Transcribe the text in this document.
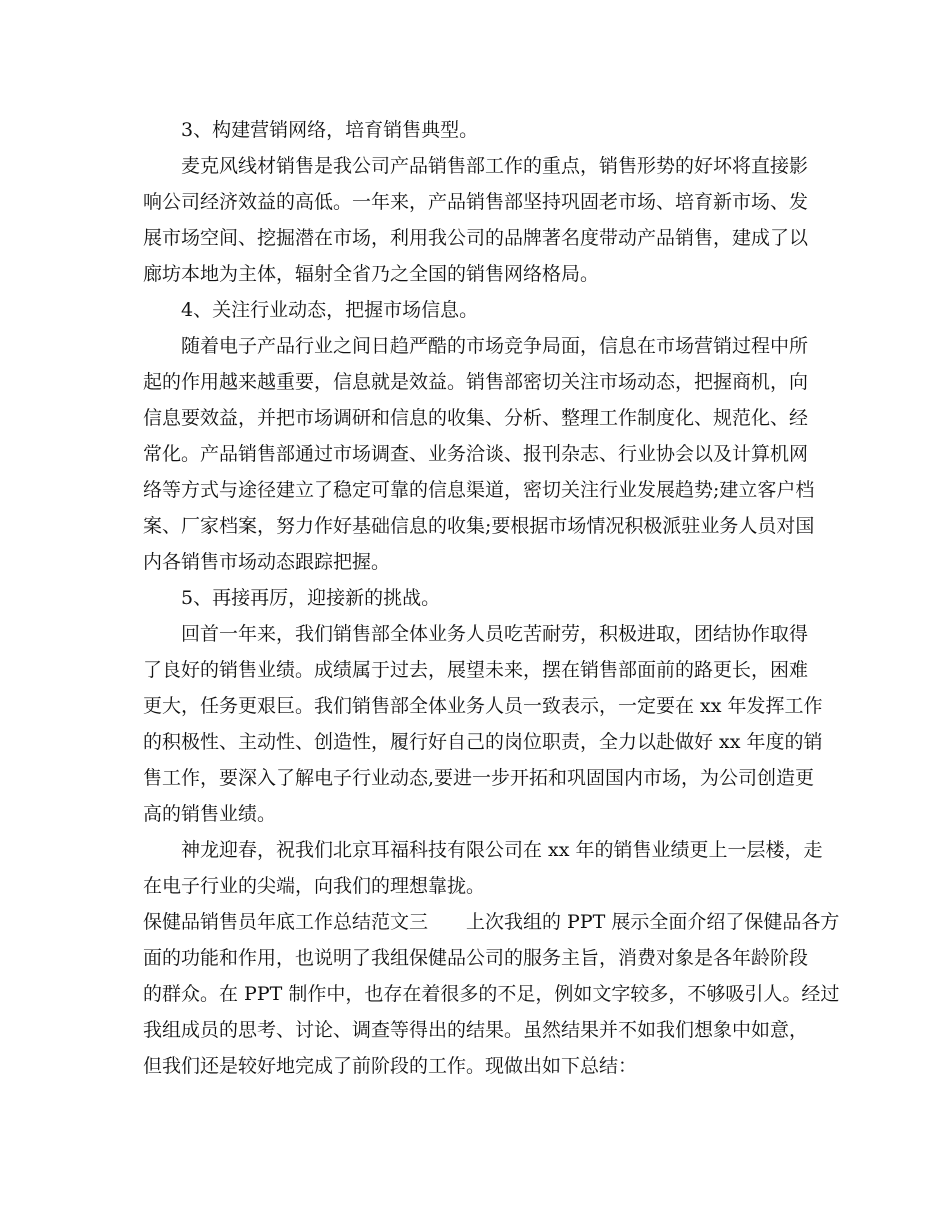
3、构建营销网络，培育销售典型。
麦克风线材销售是我公司产品销售部工作的重点，销售形势的好坏将直接影
响公司经济效益的高低。一年来，产品销售部坚持巩固老市场、培育新市场、发
展市场空间、挖掘潜在市场，利用我公司的品牌著名度带动产品销售，建成了以
廊坊本地为主体，辐射全省乃之全国的销售网络格局。
4、关注行业动态，把握市场信息。
随着电子产品行业之间日趋严酷的市场竞争局面，信息在市场营销过程中所
起的作用越来越重要，信息就是效益。销售部密切关注市场动态，把握商机，向
信息要效益，并把市场调研和信息的收集、分析、整理工作制度化、规范化、经
常化。产品销售部通过市场调查、业务洽谈、报刊杂志、行业协会以及计算机网
络等方式与途径建立了稳定可靠的信息渠道，密切关注行业发展趋势;建立客户档
案、厂家档案，努力作好基础信息的收集;要根据市场情况积极派驻业务人员对国
内各销售市场动态跟踪把握。
5、再接再厉，迎接新的挑战。
回首一年来，我们销售部全体业务人员吃苦耐劳，积极进取，团结协作取得
了良好的销售业绩。成绩属于过去，展望未来，摆在销售部面前的路更长，困难
更大，任务更艰巨。我们销售部全体业务人员一致表示，一定要在 xx 年发挥工作
的积极性、主动性、创造性，履行好自己的岗位职责，全力以赴做好 xx 年度的销
售工作，要深入了解电子行业动态,要进一步开拓和巩固国内市场，为公司创造更
高的销售业绩。
神龙迎春，祝我们北京耳福科技有限公司在 xx 年的销售业绩更上一层楼，走
在电子行业的尖端，向我们的理想靠拢。
保健品销售员年底工作总结范文三 上次我组的 PPT 展示全面介绍了保健品各方
面的功能和作用，也说明了我组保健品公司的服务主旨，消费对象是各年龄阶段
的群众。在 PPT 制作中，也存在着很多的不足，例如文字较多，不够吸引人。经过
我组成员的思考、讨论、调查等得出的结果。虽然结果并不如我们想象中如意，
但我们还是较好地完成了前阶段的工作。现做出如下总结：
